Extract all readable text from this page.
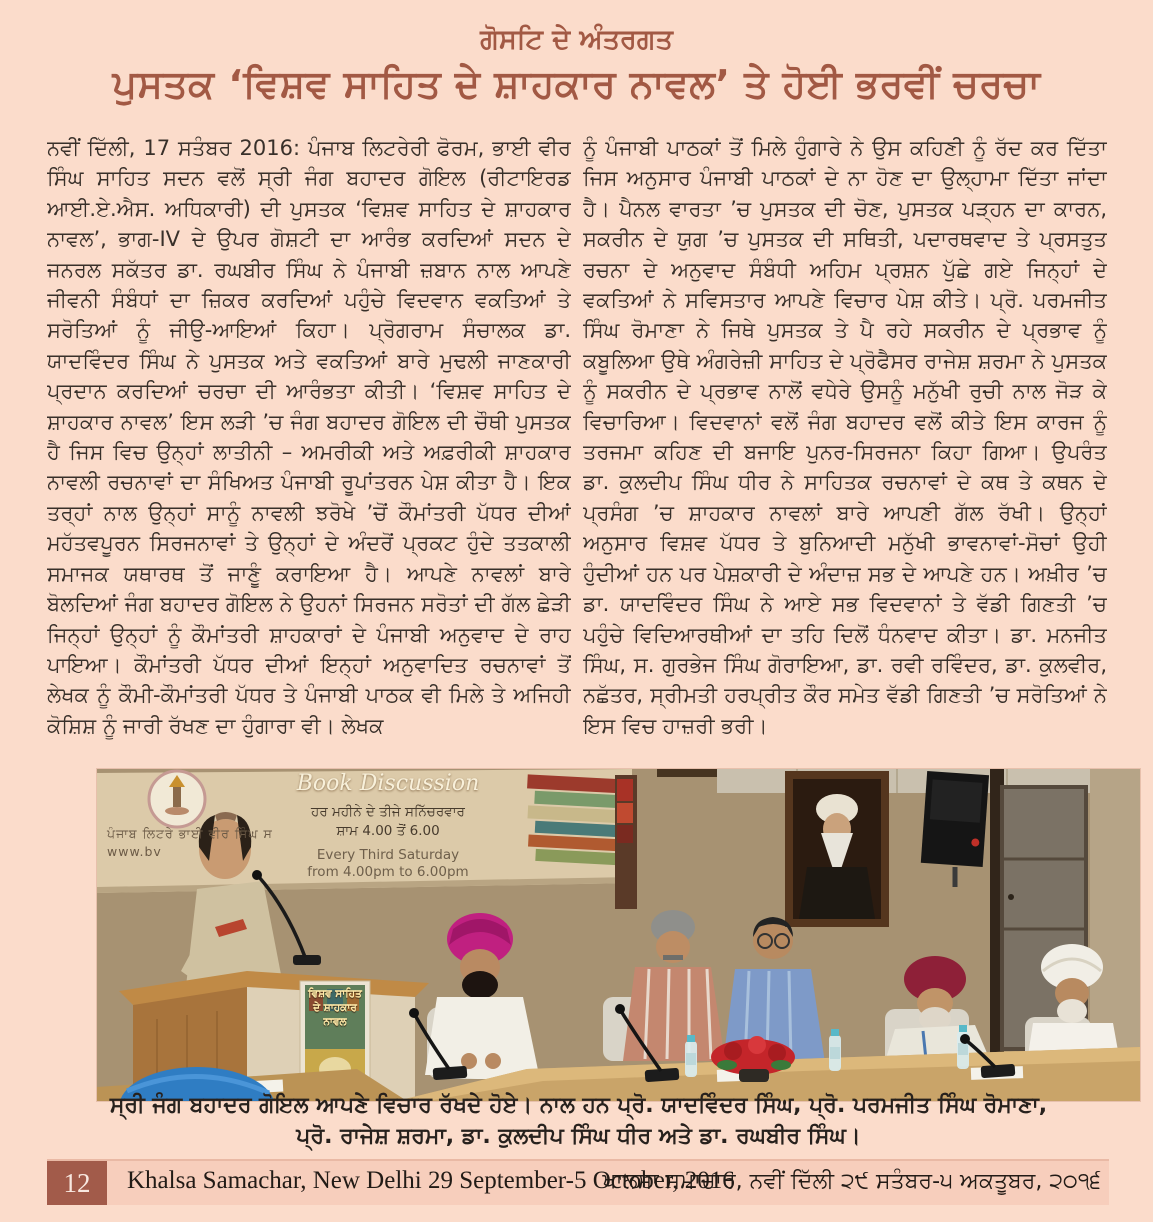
ਗੋਸਟਿ ਦੇ ਅੰਤਰਗਤ
ਪੁਸਤਕ ‘ਵਿਸ਼ਵ ਸਾਹਿਤ ਦੇ ਸ਼ਾਹਕਾਰ ਨਾਵਲ’ ਤੇ ਹੋਈ ਭਰਵੀਂ ਚਰਚਾ
ਨਵੀਂ ਦਿੱਲੀ, 17 ਸਤੰਬਰ 2016: ਪੰਜਾਬ ਲਿਟਰੇਰੀ ਫੋਰਮ, ਭਾਈ ਵੀਰ ਸਿੰਘ ਸਾਹਿਤ ਸਦਨ ਵਲੋਂ ਸ੍ਰੀ ਜੰਗ ਬਹਾਦਰ ਗੋਇਲ (ਰੀਟਾਇਰਡ ਆਈ.ਏ.ਐਸ. ਅਧਿਕਾਰੀ) ਦੀ ਪੁਸਤਕ ‘ਵਿਸ਼ਵ ਸਾਹਿਤ ਦੇ ਸ਼ਾਹਕਾਰ ਨਾਵਲ’, ਭਾਗ-IV ਦੇ ਉਪਰ ਗੋਸ਼ਟੀ ਦਾ ਆਰੰਭ ਕਰਦਿਆਂ ਸਦਨ ਦੇ ਜਨਰਲ ਸਕੱਤਰ ਡਾ. ਰਘਬੀਰ ਸਿੰਘ ਨੇ ਪੰਜਾਬੀ ਜ਼ਬਾਨ ਨਾਲ ਆਪਣੇ ਜੀਵਨੀ ਸੰਬੰਧਾਂ ਦਾ ਜ਼ਿਕਰ ਕਰਦਿਆਂ ਪਹੁੰਚੇ ਵਿਦਵਾਨ ਵਕਤਿਆਂ ਤੇ ਸਰੋਤਿਆਂ ਨੂੰ ਜੀਉ-ਆਇਆਂ ਕਿਹਾ। ਪ੍ਰੋਗਰਾਮ ਸੰਚਾਲਕ ਡਾ. ਯਾਦਵਿੰਦਰ ਸਿੰਘ ਨੇ ਪੁਸਤਕ ਅਤੇ ਵਕਤਿਆਂ ਬਾਰੇ ਮੁਢਲੀ ਜਾਣਕਾਰੀ ਪ੍ਰਦਾਨ ਕਰਦਿਆਂ ਚਰਚਾ ਦੀ ਆਰੰਭਤਾ ਕੀਤੀ। ‘ਵਿਸ਼ਵ ਸਾਹਿਤ ਦੇ ਸ਼ਾਹਕਾਰ ਨਾਵਲ’ ਇਸ ਲੜੀ ’ਚ ਜੰਗ ਬਹਾਦਰ ਗੋਇਲ ਦੀ ਚੌਥੀ ਪੁਸਤਕ ਹੈ ਜਿਸ ਵਿਚ ਉਨ੍ਹਾਂ ਲਾਤੀਨੀ – ਅਮਰੀਕੀ ਅਤੇ ਅਫ਼ਰੀਕੀ ਸ਼ਾਹਕਾਰ ਨਾਵਲੀ ਰਚਨਾਵਾਂ ਦਾ ਸੰਖਿਅਤ ਪੰਜਾਬੀ ਰੂਪਾਂਤਰਨ ਪੇਸ਼ ਕੀਤਾ ਹੈ। ਇਕ ਤਰ੍ਹਾਂ ਨਾਲ ਉਨ੍ਹਾਂ ਸਾਨੂੰ ਨਾਵਲੀ ਝਰੋਖੇ ’ਚੋਂ ਕੌਮਾਂਤਰੀ ਪੱਧਰ ਦੀਆਂ ਮਹੱਤਵਪੂਰਨ ਸਿਰਜਨਾਵਾਂ ਤੇ ਉਨ੍ਹਾਂ ਦੇ ਅੰਦਰੋਂ ਪ੍ਰਕਟ ਹੁੰਦੇ ਤਤਕਾਲੀ ਸਮਾਜਕ ਯਥਾਰਥ ਤੋਂ ਜਾਣੂੰ ਕਰਾਇਆ ਹੈ। ਆਪਣੇ ਨਾਵਲਾਂ ਬਾਰੇ ਬੋਲਦਿਆਂ ਜੰਗ ਬਹਾਦਰ ਗੋਇਲ ਨੇ ਉਹਨਾਂ ਸਿਰਜਨ ਸਰੋਤਾਂ ਦੀ ਗੱਲ ਛੇੜੀ ਜਿਨ੍ਹਾਂ ਉਨ੍ਹਾਂ ਨੂੰ ਕੌਮਾਂਤਰੀ ਸ਼ਾਹਕਾਰਾਂ ਦੇ ਪੰਜਾਬੀ ਅਨੁਵਾਦ ਦੇ ਰਾਹ ਪਾਇਆ। ਕੌਮਾਂਤਰੀ ਪੱਧਰ ਦੀਆਂ ਇਨ੍ਹਾਂ ਅਨੁਵਾਦਿਤ ਰਚਨਾਵਾਂ ਤੋਂ ਲੇਖਕ ਨੂੰ ਕੌਮੀ-ਕੌਮਾਂਤਰੀ ਪੱਧਰ ਤੇ ਪੰਜਾਬੀ ਪਾਠਕ ਵੀ ਮਿਲੇ ਤੇ ਅਜਿਹੀ ਕੋਸ਼ਿਸ਼ ਨੂੰ ਜਾਰੀ ਰੱਖਣ ਦਾ ਹੁੰਗਾਰਾ ਵੀ। ਲੇਖਕ
ਨੂੰ ਪੰਜਾਬੀ ਪਾਠਕਾਂ ਤੋਂ ਮਿਲੇ ਹੁੰਗਾਰੇ ਨੇ ਉਸ ਕਹਿਣੀ ਨੂੰ ਰੱਦ ਕਰ ਦਿੱਤਾ ਜਿਸ ਅਨੁਸਾਰ ਪੰਜਾਬੀ ਪਾਠਕਾਂ ਦੇ ਨਾ ਹੋਣ ਦਾ ਉਲ੍ਹਾਮਾ ਦਿੱਤਾ ਜਾਂਦਾ ਹੈ। ਪੈਨਲ ਵਾਰਤਾ ’ਚ ਪੁਸਤਕ ਦੀ ਚੋਣ, ਪੁਸਤਕ ਪੜ੍ਹਨ ਦਾ ਕਾਰਨ, ਸਕਰੀਨ ਦੇ ਯੁਗ ’ਚ ਪੁਸਤਕ ਦੀ ਸਥਿਤੀ, ਪਦਾਰਥਵਾਦ ਤੇ ਪ੍ਰਸਤੁਤ ਰਚਨਾ ਦੇ ਅਨੁਵਾਦ ਸੰਬੰਧੀ ਅਹਿਮ ਪ੍ਰਸ਼ਨ ਪੁੱਛੇ ਗਏ ਜਿਨ੍ਹਾਂ ਦੇ ਵਕਤਿਆਂ ਨੇ ਸਵਿਸਤਾਰ ਆਪਣੇ ਵਿਚਾਰ ਪੇਸ਼ ਕੀਤੇ। ਪ੍ਰੋ. ਪਰਮਜੀਤ ਸਿੰਘ ਰੋਮਾਣਾ ਨੇ ਜਿਥੇ ਪੁਸਤਕ ਤੇ ਪੈ ਰਹੇ ਸਕਰੀਨ ਦੇ ਪ੍ਰਭਾਵ ਨੂੰ ਕਬੂਲਿਆ ਉਥੇ ਅੰਗਰੇਜ਼ੀ ਸਾਹਿਤ ਦੇ ਪ੍ਰੋਫੈਸਰ ਰਾਜੇਸ਼ ਸ਼ਰਮਾ ਨੇ ਪੁਸਤਕ ਨੂੰ ਸਕਰੀਨ ਦੇ ਪ੍ਰਭਾਵ ਨਾਲੋਂ ਵਧੇਰੇ ਉਸਨੂੰ ਮਨੁੱਖੀ ਰੁਚੀ ਨਾਲ ਜੋੜ ਕੇ ਵਿਚਾਰਿਆ। ਵਿਦਵਾਨਾਂ ਵਲੋਂ ਜੰਗ ਬਹਾਦਰ ਵਲੋਂ ਕੀਤੇ ਇਸ ਕਾਰਜ ਨੂੰ ਤਰਜਮਾ ਕਹਿਣ ਦੀ ਬਜਾਇ ਪੁਨਰ-ਸਿਰਜਨਾ ਕਿਹਾ ਗਿਆ। ਉਪਰੰਤ ਡਾ. ਕੁਲਦੀਪ ਸਿੰਘ ਧੀਰ ਨੇ ਸਾਹਿਤਕ ਰਚਨਾਵਾਂ ਦੇ ਕਥ ਤੇ ਕਥਨ ਦੇ ਪ੍ਰਸੰਗ ’ਚ ਸ਼ਾਹਕਾਰ ਨਾਵਲਾਂ ਬਾਰੇ ਆਪਣੀ ਗੱਲ ਰੱਖੀ। ਉਨ੍ਹਾਂ ਅਨੁਸਾਰ ਵਿਸ਼ਵ ਪੱਧਰ ਤੇ ਬੁਨਿਆਦੀ ਮਨੁੱਖੀ ਭਾਵਨਾਵਾਂ-ਸੋਚਾਂ ਉਹੀ ਹੁੰਦੀਆਂ ਹਨ ਪਰ ਪੇਸ਼ਕਾਰੀ ਦੇ ਅੰਦਾਜ਼ ਸਭ ਦੇ ਆਪਣੇ ਹਨ। ਅਖ਼ੀਰ ’ਚ ਡਾ. ਯਾਦਵਿੰਦਰ ਸਿੰਘ ਨੇ ਆਏ ਸਭ ਵਿਦਵਾਨਾਂ ਤੇ ਵੱਡੀ ਗਿਣਤੀ ’ਚ ਪਹੁੰਚੇ ਵਿਦਿਆਰਥੀਆਂ ਦਾ ਤਹਿ ਦਿਲੋਂ ਧੰਨਵਾਦ ਕੀਤਾ। ਡਾ. ਮਨਜੀਤ ਸਿੰਘ, ਸ. ਗੁਰਭੇਜ ਸਿੰਘ ਗੋਰਾਇਆ, ਡਾ. ਰਵੀ ਰਵਿੰਦਰ, ਡਾ. ਕੁਲਵੀਰ, ਨਛੱਤਰ, ਸ੍ਰੀਮਤੀ ਹਰਪ੍ਰੀਤ ਕੌਰ ਸਮੇਤ ਵੱਡੀ ਗਿਣਤੀ ’ਚ ਸਰੋਤਿਆਂ ਨੇ ਇਸ ਵਿਚ ਹਾਜ਼ਰੀ ਭਰੀ।
ਪੰਜਾਬ ਲਿਟਰੇ ਭਾਈ ਵੀਰ ਸਿੰਘ ਸ www.bv
Book Discussion
ਹਰ ਮਹੀਨੇ ਦੇ ਤੀਜੇ ਸਨਿੱਚਰਵਾਰ
ਸ਼ਾਮ 4.00 ਤੋਂ 6.00
Every Third Saturday
from 4.00pm to 6.00pm
ਵਿਸ਼ਵ ਸਾਹਿਤ ਦੇ ਸ਼ਾਹਕਾਰ ਨਾਵਲ
ਸ੍ਰੀ ਜੰਗ ਬਹਾਦਰ ਗੋਇਲ ਆਪਣੇ ਵਿਚਾਰ ਰੱਖਦੇ ਹੋਏ। ਨਾਲ ਹਨ ਪ੍ਰੋ. ਯਾਦਵਿੰਦਰ ਸਿੰਘ, ਪ੍ਰੋ. ਪਰਮਜੀਤ ਸਿੰਘ ਰੋਮਾਣਾ,
ਪ੍ਰੋ. ਰਾਜੇਸ਼ ਸ਼ਰਮਾ, ਡਾ. ਕੁਲਦੀਪ ਸਿੰਘ ਧੀਰ ਅਤੇ ਡਾ. ਰਘਬੀਰ ਸਿੰਘ।
12	Khalsa Samachar, New Delhi 29 September-5 October, 2016
ਖਾਲਸਾ ਸਮਾਚਾਰ, ਨਵੀਂ ਦਿੱਲੀ ੨੯ ਸਤੰਬਰ-੫ ਅਕਤੂਬਰ, ੨੦੧੬
